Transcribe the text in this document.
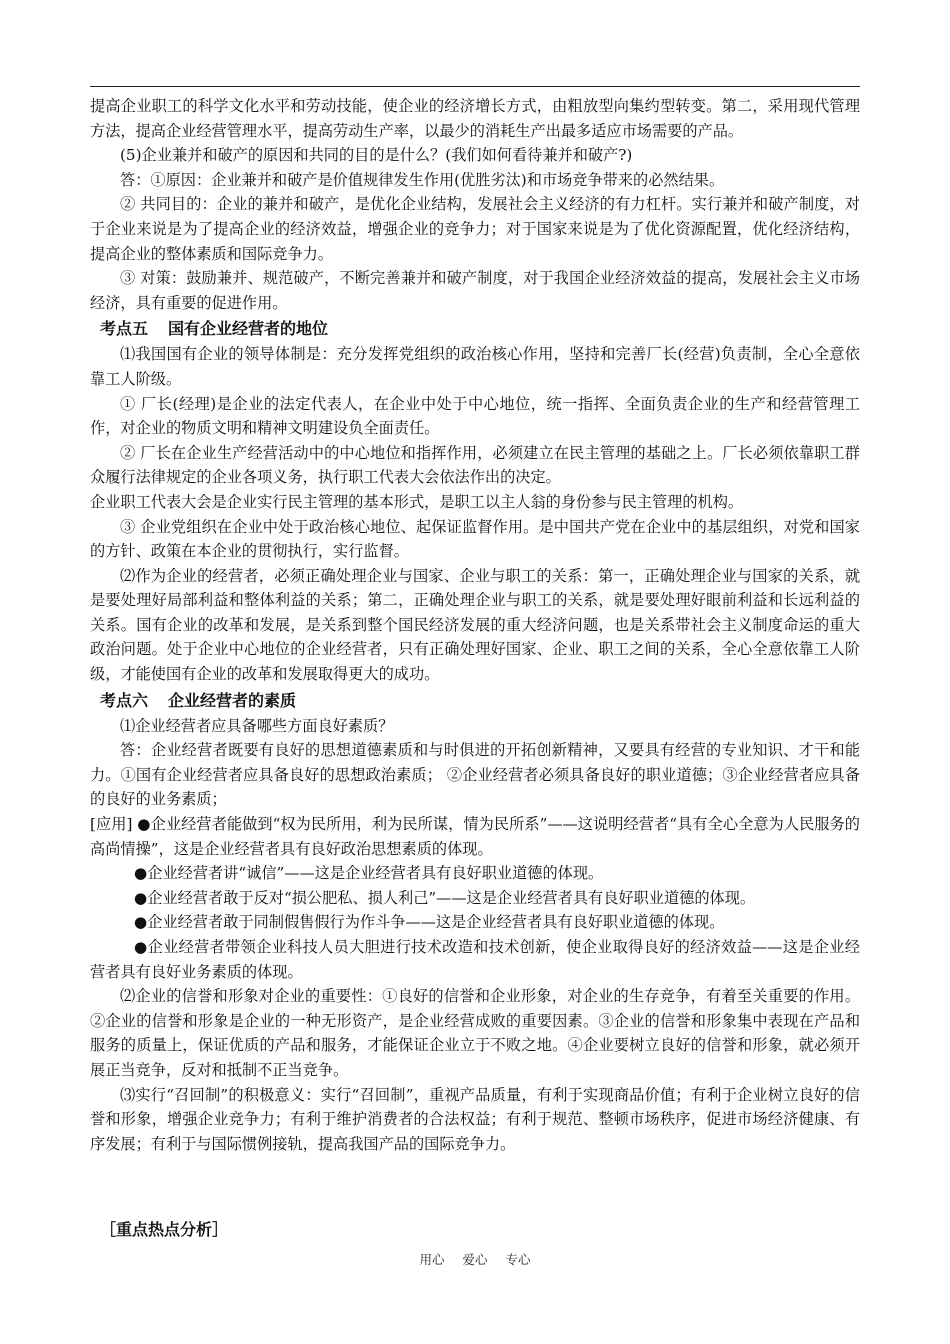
提高企业职工的科学文化水平和劳动技能，使企业的经济增长方式，由粗放型向集约型转变。第二，采用现代管理方法，提高企业经营管理水平，提高劳动生产率，以最少的消耗生产出最多适应市场需要的产品。

(5)企业兼并和破产的原因和共同的目的是什么？(我们如何看待兼并和破产?)

答：①原因：企业兼并和破产是价值规律发生作用(优胜劣汰)和市场竞争带来的必然结果。

② 共同目的：企业的兼并和破产，是优化企业结构，发展社会主义经济的有力杠杆。实行兼并和破产制度，对于企业来说是为了提高企业的经济效益，增强企业的竞争力；对于国家来说是为了优化资源配置，优化经济结构，提高企业的整体素质和国际竞争力。

③ 对策：鼓励兼并、规范破产，不断完善兼并和破产制度，对于我国企业经济效益的提高，发展社会主义市场经济，具有重要的促进作用。

考点五 国有企业经营者的地位

⑴我国国有企业的领导体制是：充分发挥党组织的政治核心作用，坚持和完善厂长(经营)负责制，全心全意依靠工人阶级。

① 厂长(经理)是企业的法定代表人，在企业中处于中心地位，统一指挥、全面负责企业的生产和经营管理工作，对企业的物质文明和精神文明建设负全面责任。

② 厂长在企业生产经营活动中的中心地位和指挥作用，必须建立在民主管理的基础之上。厂长必须依靠职工群众履行法律规定的企业各项义务，执行职工代表大会依法作出的决定。

企业职工代表大会是企业实行民主管理的基本形式，是职工以主人翁的身份参与民主管理的机构。

③ 企业党组织在企业中处于政治核心地位、起保证监督作用。是中国共产党在企业中的基层组织，对党和国家的方针、政策在本企业的贯彻执行，实行监督。

⑵作为企业的经营者，必须正确处理企业与国家、企业与职工的关系：第一，正确处理企业与国家的关系，就是要处理好局部利益和整体利益的关系；第二，正确处理企业与职工的关系，就是要处理好眼前利益和长远利益的关系。国有企业的改革和发展，是关系到整个国民经济发展的重大经济问题，也是关系带社会主义制度命运的重大政治问题。处于企业中心地位的企业经营者，只有正确处理好国家、企业、职工之间的关系，全心全意依靠工人阶级，才能使国有企业的改革和发展取得更大的成功。

考点六 企业经营者的素质

⑴企业经营者应具备哪些方面良好素质？

答：企业经营者既要有良好的思想道德素质和与时俱进的开拓创新精神，又要具有经营的专业知识、才干和能力。①国有企业经营者应具备良好的思想政治素质； ②企业经营者必须具备良好的职业道德；③企业经营者应具备的良好的业务素质；

[应用] ●企业经营者能做到“权为民所用，利为民所谋，情为民所系”——这说明经营者“具有全心全意为人民服务的高尚情操”，这是企业经营者具有良好政治思想素质的体现。

●企业经营者讲“诚信”——这是企业经营者具有良好职业道德的体现。

●企业经营者敢于反对“损公肥私、损人利己”——这是企业经营者具有良好职业道德的体现。

●企业经营者敢于同制假售假行为作斗争——这是企业经营者具有良好职业道德的体现。

●企业经营者带领企业科技人员大胆进行技术改造和技术创新，使企业取得良好的经济效益——这是企业经营者具有良好业务素质的体现。

⑵企业的信誉和形象对企业的重要性：①良好的信誉和企业形象，对企业的生存竞争，有着至关重要的作用。②企业的信誉和形象是企业的一种无形资产，是企业经营成败的重要因素。③企业的信誉和形象集中表现在产品和服务的质量上，保证优质的产品和服务，才能保证企业立于不败之地。④企业要树立良好的信誉和形象，就必须开展正当竞争，反对和抵制不正当竞争。

⑶实行“召回制”的积极意义：实行“召回制”，重视产品质量，有利于实现商品价值；有利于企业树立良好的信誉和形象，增强企业竞争力；有利于维护消费者的合法权益；有利于规范、整顿市场秩序，促进市场经济健康、有序发展；有利于与国际惯例接轨，提高我国产品的国际竞争力。

［重点热点分析］
用心 爱心 专心
